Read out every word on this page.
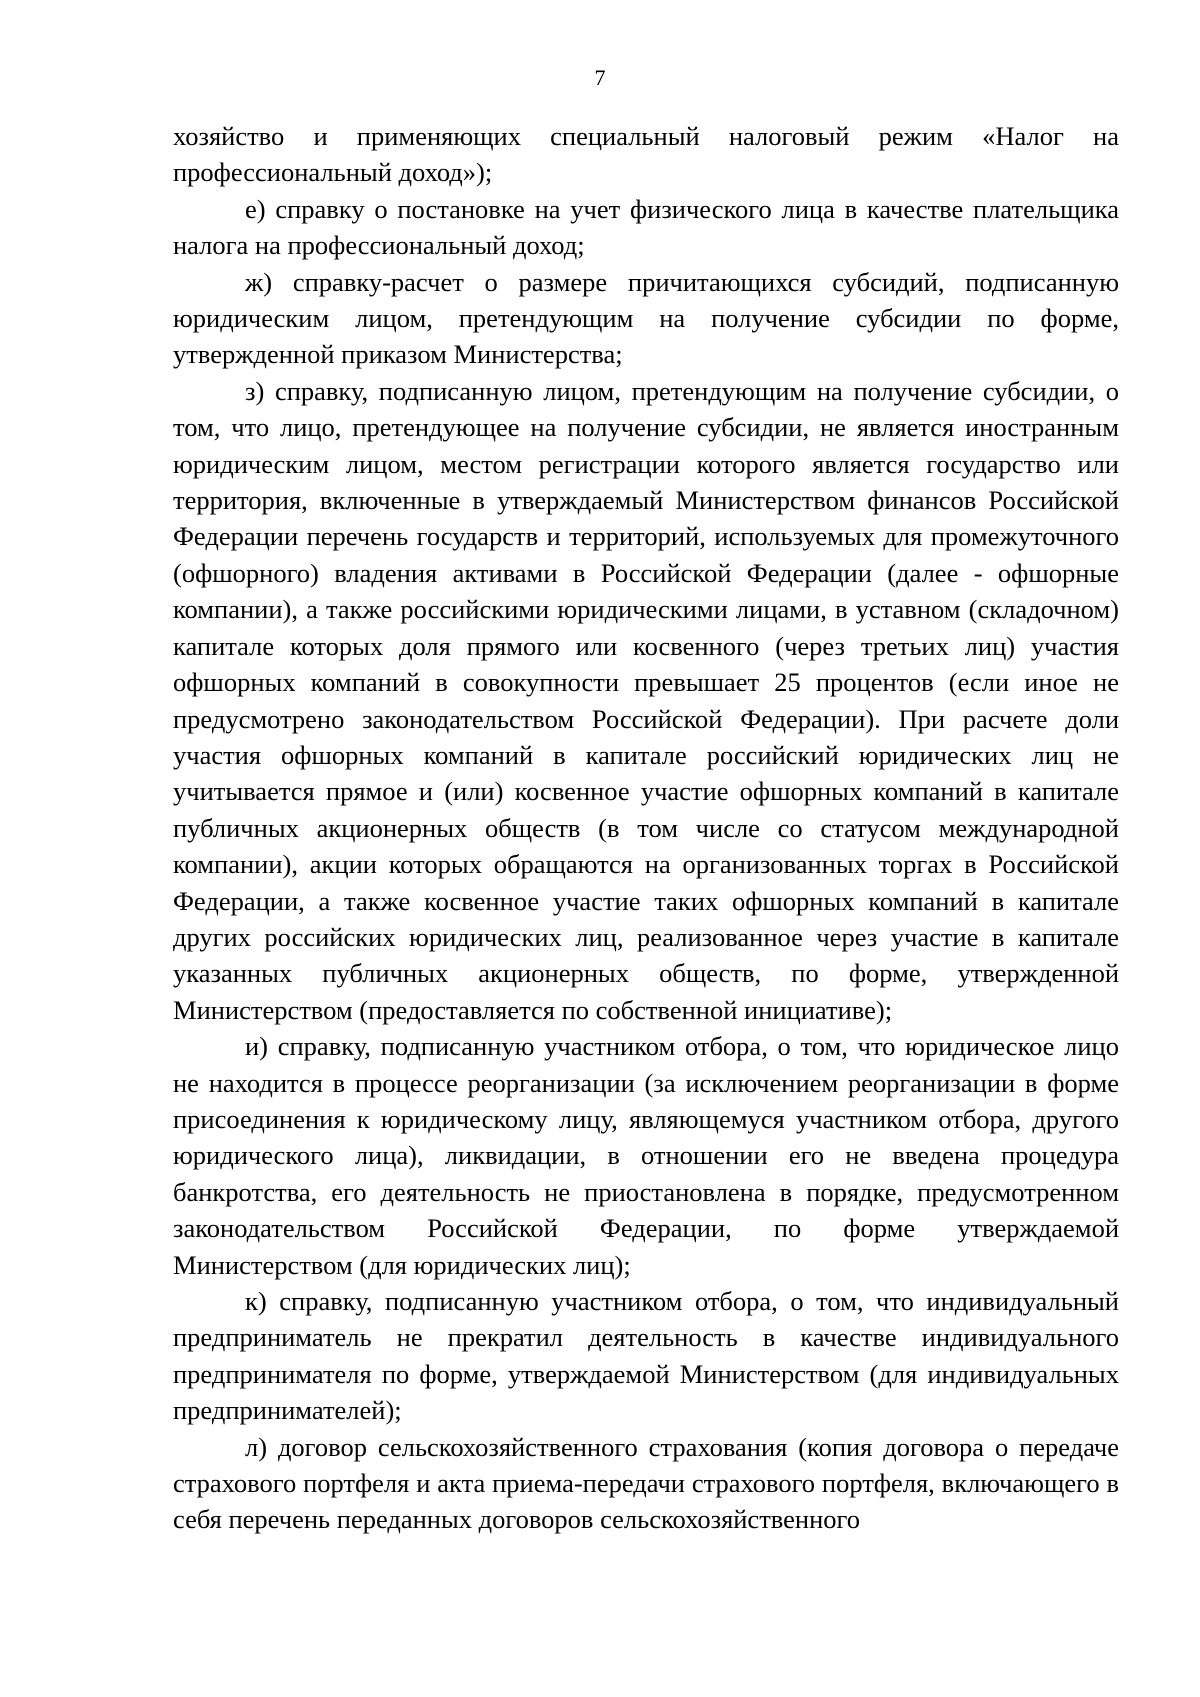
7

хозяйство и применяющих специальный налоговый режим «Налог на профессиональный доход»);

е) справку о постановке на учет физического лица в качестве плательщика налога на профессиональный доход;

ж) справку-расчет о размере причитающихся субсидий, подписанную юридическим лицом, претендующим на получение субсидии по форме, утвержденной приказом Министерства;

з) справку, подписанную лицом, претендующим на получение субсидии, о том, что лицо, претендующее на получение субсидии, не является иностранным юридическим лицом, местом регистрации которого является государство или территория, включенные в утверждаемый Министерством финансов Российской Федерации перечень государств и территорий, используемых для промежуточного (офшорного) владения активами в Российской Федерации (далее - офшорные компании), а также российскими юридическими лицами, в уставном (складочном) капитале которых доля прямого или косвенного (через третьих лиц) участия офшорных компаний в совокупности превышает 25 процентов (если иное не предусмотрено законодательством Российской Федерации). При расчете доли участия офшорных компаний в капитале российский юридических лиц не учитывается прямое и (или) косвенное участие офшорных компаний в капитале публичных акционерных обществ (в том числе со статусом международной компании), акции которых обращаются на организованных торгах в Российской Федерации, а также косвенное участие таких офшорных компаний в капитале других российских юридических лиц, реализованное через участие в капитале указанных публичных акционерных обществ, по форме, утвержденной Министерством (предоставляется по собственной инициативе);

и) справку, подписанную участником отбора, о том, что юридическое лицо не находится в процессе реорганизации (за исключением реорганизации в форме присоединения к юридическому лицу, являющемуся участником отбора, другого юридического лица), ликвидации, в отношении его не введена процедура банкротства, его деятельность не приостановлена в порядке, предусмотренном законодательством Российской Федерации, по форме утверждаемой Министерством (для юридических лиц);

к) справку, подписанную участником отбора, о том, что индивидуальный предприниматель не прекратил деятельность в качестве индивидуального предпринимателя по форме, утверждаемой Министерством (для индивидуальных предпринимателей);

л) договор сельскохозяйственного страхования (копия договора о передаче страхового портфеля и акта приема-передачи страхового портфеля, включающего в себя перечень переданных договоров сельскохозяйственного
